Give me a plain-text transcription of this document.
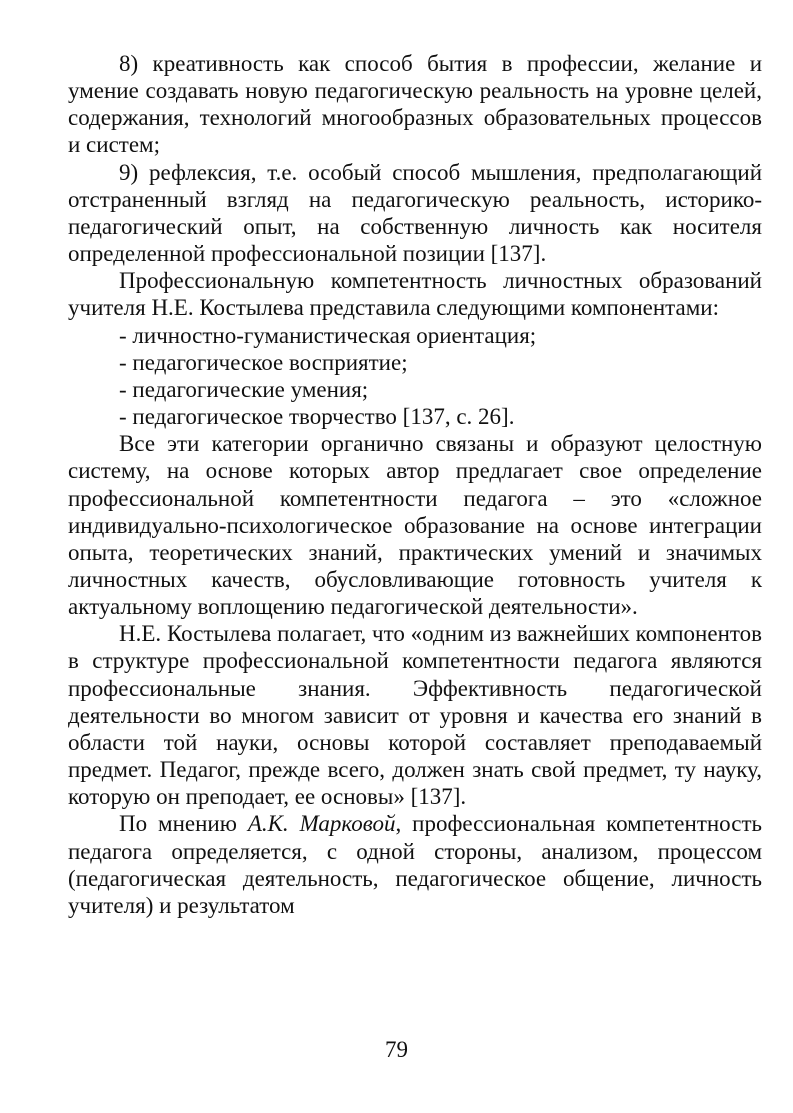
8) креативность как способ бытия в профессии, желание и умение создавать новую педагогическую реальность на уровне целей, содержания, технологий многообразных образовательных процессов и систем;

9) рефлексия, т.е. особый способ мышления, предполагающий отстраненный взгляд на педагогическую реальность, историко-педагогический опыт, на собственную личность как носителя определенной профессиональной позиции [137].

Профессиональную компетентность личностных образований учителя Н.Е. Костылева представила следующими компонентами:

- личностно-гуманистическая ориентация;

- педагогическое восприятие;

- педагогические умения;

- педагогическое творчество [137, с. 26].

Все эти категории органично связаны и образуют целостную систему, на основе которых автор предлагает свое определение профессиональной компетентности педагога – это «сложное индивидуально-психологическое образование на основе интеграции опыта, теоретических знаний, практических умений и значимых личностных качеств, обусловливающие готовность учителя к актуальному воплощению педагогической деятельности».

Н.Е. Костылева полагает, что «одним из важнейших компонентов в структуре профессиональной компетентности педагога являются профессиональные знания. Эффективность педагогической деятельности во многом зависит от уровня и качества его знаний в области той науки, основы которой составляет преподаваемый предмет. Педагог, прежде всего, должен знать свой предмет, ту науку, которую он преподает, ее основы» [137].

По мнению А.К. Марковой, профессиональная компетентность педагога определяется, с одной стороны, анализом, процессом (педагогическая деятельность, педагогическое общение, личность учителя) и результатом

79
